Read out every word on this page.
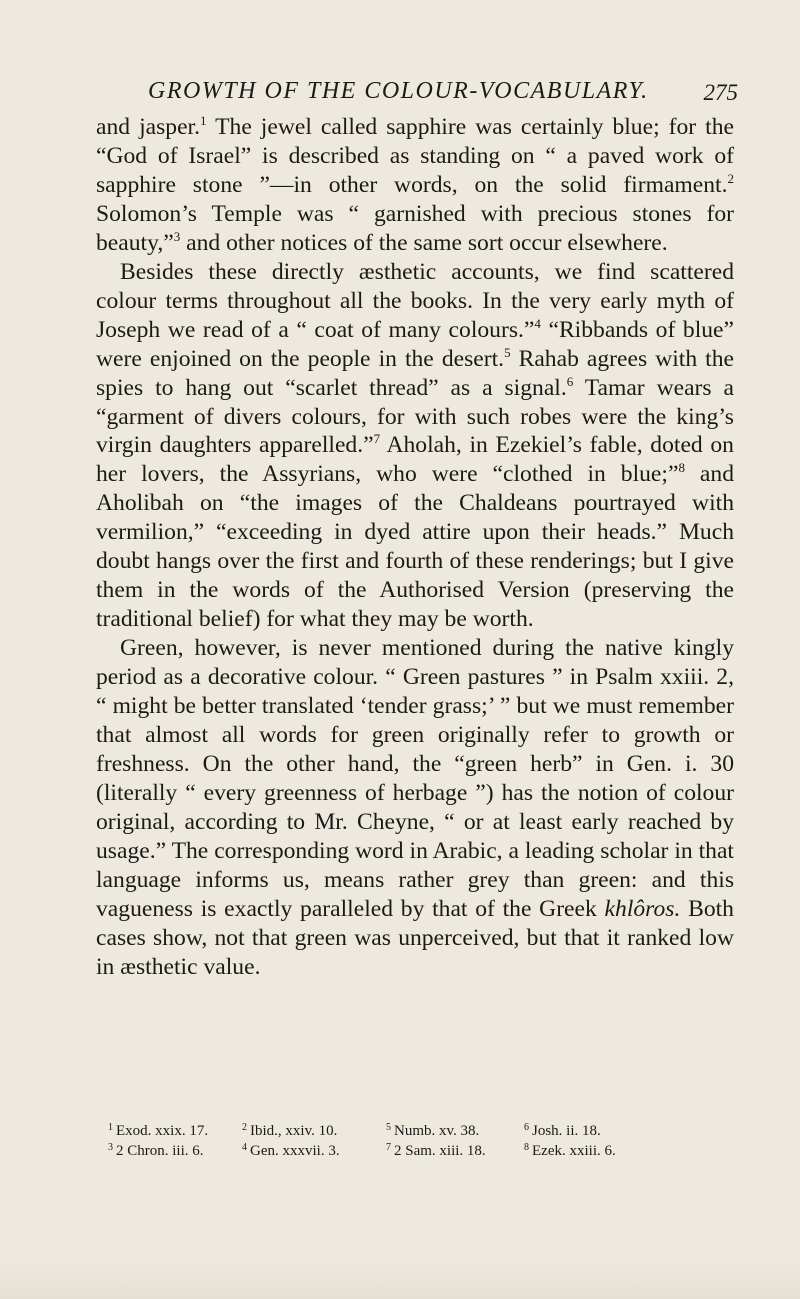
GROWTH OF THE COLOUR-VOCABULARY. 275

and jasper.$^1$ The jewel called sapphire was certainly blue; for the “God of Israel” is described as standing on “ a paved work of sapphire stone ”—in other words, on the solid firmament.$^2$ Solomon’s Temple was “ garnished with precious stones for beauty,”$^3$ and other notices of the same sort occur elsewhere.

Besides these directly æsthetic accounts, we find scattered colour terms throughout all the books. In the very early myth of Joseph we read of a “ coat of many colours.”$^4$ “Ribbands of blue” were enjoined on the people in the desert.$^5$ Rahab agrees with the spies to hang out “scarlet thread” as a signal.$^6$ Tamar wears a “garment of divers colours, for with such robes were the king’s virgin daughters apparelled.”$^7$ Aholah, in Ezekiel’s fable, doted on her lovers, the Assyrians, who were “clothed in blue;”$^8$ and Aholibah on “the images of the Chaldeans pourtrayed with vermilion,” “exceeding in dyed attire upon their heads.” Much doubt hangs over the first and fourth of these renderings; but I give them in the words of the Authorised Version (preserving the traditional belief) for what they may be worth.

Green, however, is never mentioned during the native kingly period as a decorative colour. “ Green pastures ” in Psalm xxiii. 2, “ might be better translated ‘tender grass;’ ” but we must remember that almost all words for green originally refer to growth or freshness. On the other hand, the “green herb” in Gen. i. 30 (literally “ every greenness of herbage ”) has the notion of colour original, according to Mr. Cheyne, “ or at least early reached by usage.” The corresponding word in Arabic, a leading scholar in that language informs us, means rather grey than green: and this vagueness is exactly paralleled by that of the Greek khlôros. Both cases show, not that green was unperceived, but that it ranked low in æsthetic value.

$^1$ Exod. xxix. 17.	$^2$ Ibid., xxiv. 10.	$^5$ Numb. xv. 38.	$^6$ Josh. ii. 18.
$^3$ 2 Chron. iii. 6.	$^4$ Gen. xxxvii. 3.	$^7$ 2 Sam. xiii. 18.	$^8$ Ezek. xxiii. 6.
